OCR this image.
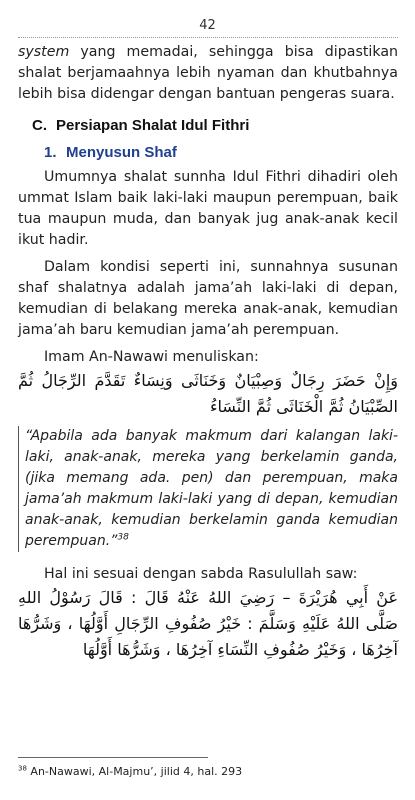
42

system yang memadai, sehingga bisa dipastikan shalat berjamaahnya lebih nyaman dan khutbahnya lebih bisa didengar dengan bantuan pengeras suara.

C. Persiapan Shalat Idul Fithri
1. Menyusun Shaf

Umumnya shalat sunnha Idul Fithri dihadiri oleh ummat Islam baik laki-laki maupun perempuan, baik tua maupun muda, dan banyak jug anak-anak kecil ikut hadir.

Dalam kondisi seperti ini, sunnahnya susunan shaf shalatnya adalah jama’ah laki-laki di depan, kemudian di belakang mereka anak-anak, kemudian jama’ah baru kemudian jama’ah perempuan.

Imam An-Nawawi menuliskan:

وَإِنْ حَضَرَ رِجَالٌ وَصِبْيَانٌ وَخَنَاثَى وَنِسَاءٌ تَقَدَّمَ الرِّجَالُ ثُمَّ الصِّبْيَانُ ثُمَّ الْخَنَاثَى ثُمَّ النِّسَاءُ

“Apabila ada banyak makmum dari kalangan laki-laki, anak-anak, mereka yang berkelamin ganda, (jika memang ada. pen) dan perempuan, maka jama’ah makmum laki-laki yang di depan, kemudian anak-anak, kemudian berkelamin ganda kemudian perempuan.”$^{38}$

Hal ini sesuai dengan sabda Rasulullah saw:

عَنْ أَبِي هُرَيْرَةَ – رَضِيَ اللهُ عَنْهُ قَالَ : قَالَ رَسُوْلُ اللهِ صَلَّى اللهُ عَلَيْهِ وَسَلَّمَ : خَيْرُ صُفُوفِ الرِّجَالِ أَوَّلُهَا ، وَشَرُّهَا آخِرُهَا ، وَخَيْرُ صُفُوفِ النِّسَاءِ آخِرُهَا ، وَشَرُّهَا أَوَّلُهَا

$^{38}$ An-Nawawi, Al-Majmu’, jilid 4, hal. 293
